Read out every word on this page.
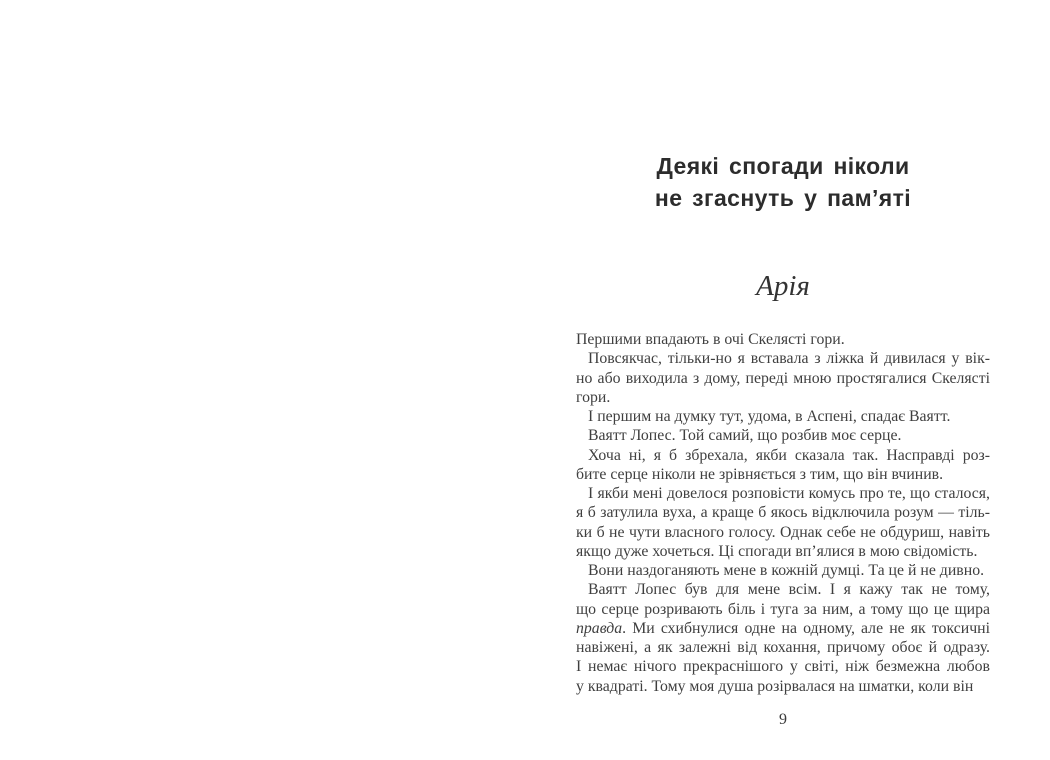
Деякі спогади ніколи
не згаснуть у пам’яті
Арія
Першими впадають в очі Скелясті гори.
Повсякчас, тільки-но я вставала з ліжка й дивилася у вік-
но або виходила з дому, переді мною простягалися Скелясті
гори.
І першим на думку тут, удома, в Аспені, спадає Ваятт.
Ваятт Лопес. Той самий, що розбив моє серце.
Хоча ні, я б збрехала, якби сказала так. Насправді роз-
бите серце ніколи не зрівняється з тим, що він вчинив.
І якби мені довелося розповісти комусь про те, що сталося,
я б затулила вуха, а краще б якось відключила розум — тіль-
ки б не чути власного голосу. Однак себе не обдуриш, навіть
якщо дуже хочеться. Ці спогади вп’ялися в мою свідомість.
Вони наздоганяють мене в кожній думці. Та це й не дивно.
Ваятт Лопес був для мене всім. І я кажу так не тому,
що серце розривають біль і туга за ним, а тому що це щира
правда. Ми схибнулися одне на одному, але не як токсичні
навіжені, а як залежні від кохання, причому обоє й одразу.
І немає нічого прекраснішого у світі, ніж безмежна любов
у квадраті. Тому моя душа розірвалася на шматки, коли він
9
